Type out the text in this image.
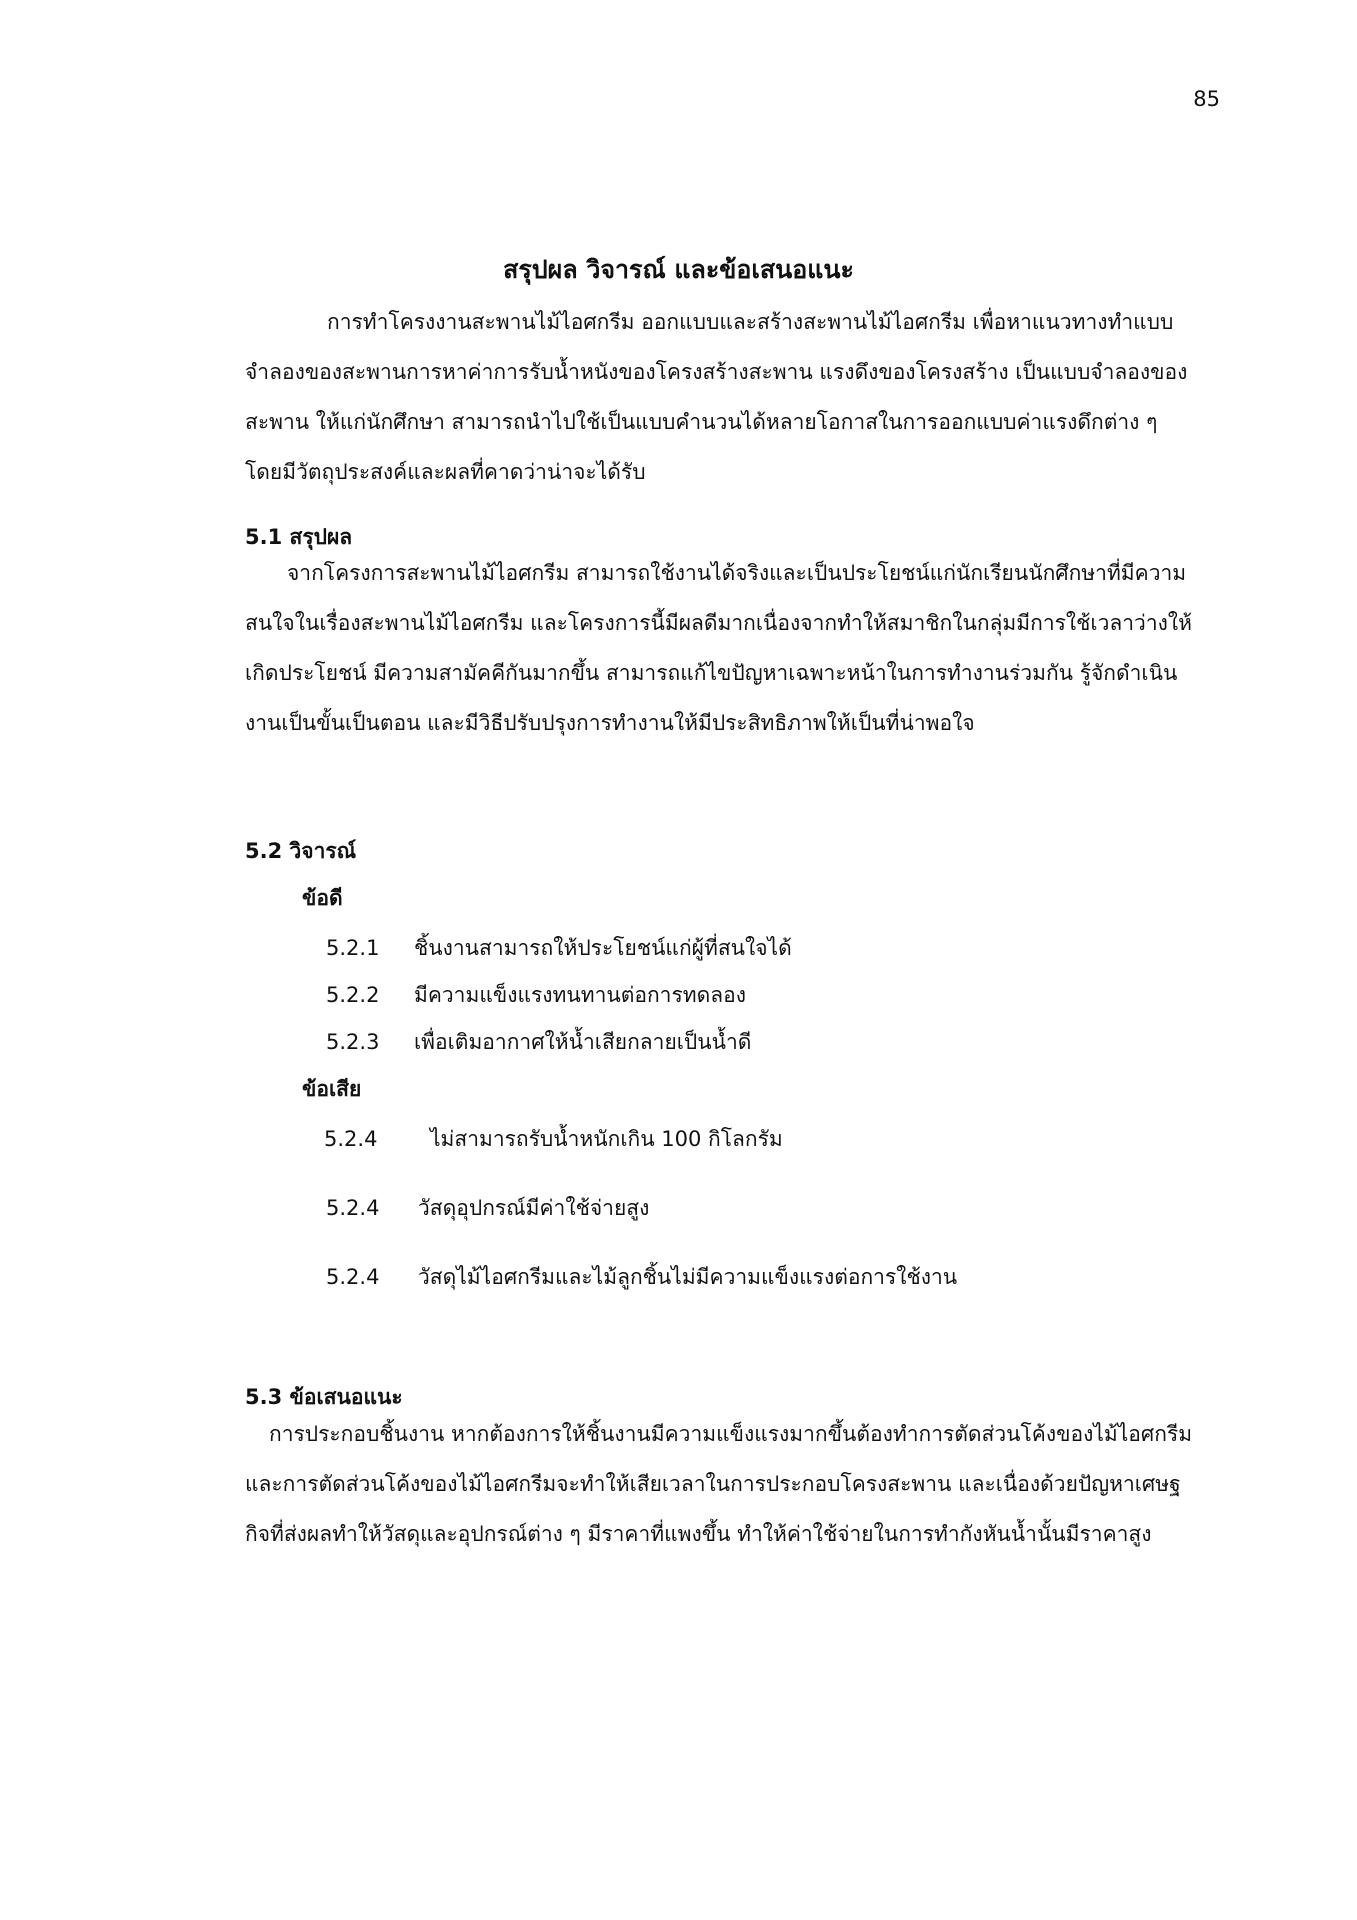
85
สรุปผล วิจารณ์ และข้อเสนอแนะ

การทำโครงงานสะพานไม้ไอศกรีม ออกแบบและสร้างสะพานไม้ไอศกรีม เพื่อหาแนวทางทำแบบจำลองของสะพานการหาค่าการรับน้ำหนังของโครงสร้างสะพาน แรงดึงของโครงสร้าง เป็นแบบจำลองของสะพาน ให้แก่นักศึกษา สามารถนำไปใช้เป็นแบบคำนวนได้หลายโอกาสในการออกแบบค่าแรงดึกต่าง ๆ โดยมีวัตถุประสงค์และผลที่คาดว่าน่าจะได้รับ

5.1 สรุปผล

จากโครงการสะพานไม้ไอศกรีม สามารถใช้งานได้จริงและเป็นประโยชน์แก่นักเรียนนักศึกษาที่มีความสนใจในเรื่องสะพานไม้ไอศกรีม และโครงการนี้มีผลดีมากเนื่องจากทำให้สมาชิกในกลุ่มมีการใช้เวลาว่างให้เกิดประโยชน์ มีความสามัคคีกันมากขึ้น สามารถแก้ไขปัญหาเฉพาะหน้าในการทำงานร่วมกัน รู้จักดำเนินงานเป็นขั้นเป็นตอน และมีวิธีปรับปรุงการทำงานให้มีประสิทธิภาพให้เป็นที่น่าพอใจ

5.2 วิจารณ์
ข้อดี
5.2.1 ชิ้นงานสามารถให้ประโยชน์แก่ผู้ที่สนใจได้
5.2.2 มีความแข็งแรงทนทานต่อการทดลอง
5.2.3 เพื่อเติมอากาศให้น้ำเสียกลายเป็นน้ำดี
ข้อเสีย
5.2.4	ไม่สามารถรับน้ำหนักเกิน 100 กิโลกรัม
5.2.4 วัสดุอุปกรณ์มีค่าใช้จ่ายสูง
5.2.4 วัสดุไม้ไอศกรีมและไม้ลูกชิ้นไม่มีความแข็งแรงต่อการใช้งาน
5.3 ข้อเสนอแนะ

การประกอบชิ้นงาน หากต้องการให้ชิ้นงานมีความแข็งแรงมากขึ้นต้องทำการตัดส่วนโค้งของไม้ไอศกรีม และการตัดส่วนโค้งของไม้ไอศกรีมจะทำให้เสียเวลาในการประกอบโครงสะพาน และเนื่องด้วยปัญหาเศษฐกิจที่ส่งผลทำให้วัสดุและอุปกรณ์ต่าง ๆ มีราคาที่แพงขึ้น ทำให้ค่าใช้จ่ายในการทำกังหันน้ำนั้นมีราคาสูง
